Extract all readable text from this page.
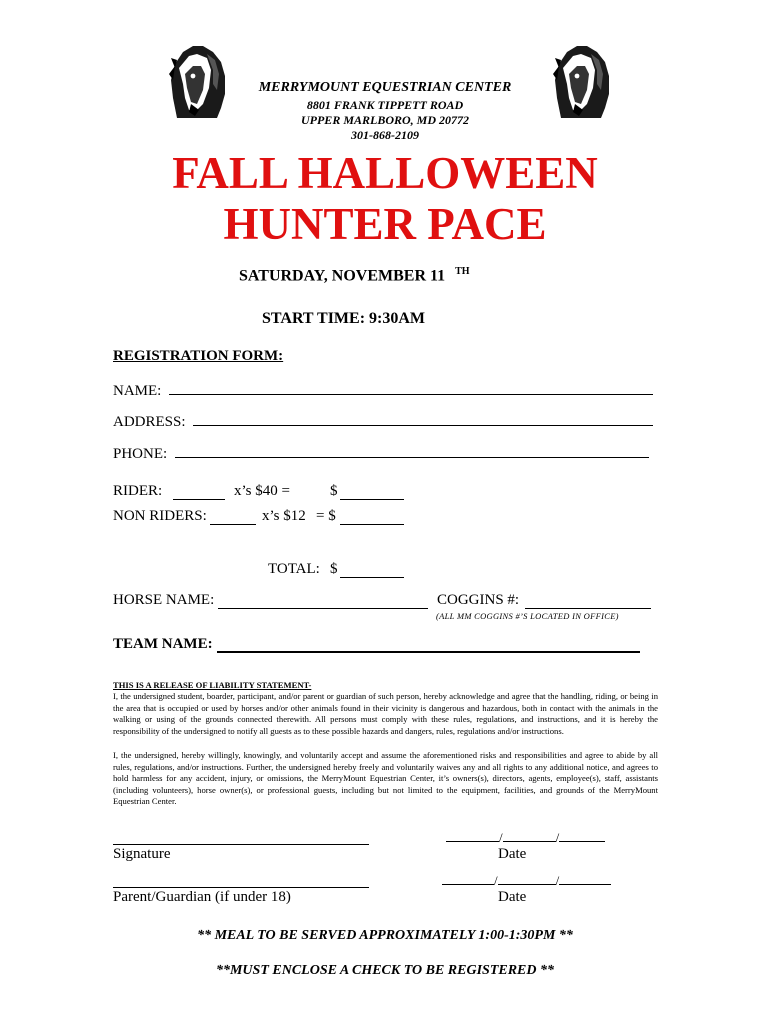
MERRYMOUNT EQUESTRIAN CENTER
8801 FRANK TIPPETT ROAD
UPPER MARLBORO, MD 20772
301-868-2109
FALL HALLOWEEN
HUNTER PACE
SATURDAY, NOVEMBER 11 $^{TH}$
START TIME: 9:30AM
REGISTRATION FORM:
NAME:
ADDRESS:
PHONE:
RIDER:	x’s $40 =	$
NON RIDERS:	x’s $12 = $
TOTAL: $
HORSE NAME:	COGGINS #:
(ALL MM COGGINS #’S LOCATED IN OFFICE)
TEAM NAME:
THIS IS A RELEASE OF LIABILITY STATEMENT-
I, the undersigned student, boarder, participant, and/or parent or guardian of such person, hereby acknowledge and agree that the handling, riding, or being in the area that is occupied or used by horses and/or other animals found in their vicinity is dangerous and hazardous, both in contact with the animals in the walking or using of the grounds connected therewith. All persons must comply with these rules, regulations, and instructions, and it is hereby the responsibility of the undersigned to notify all guests as to these possible hazards and dangers, rules, regulations and/or instructions.
I, the undersigned, hereby willingly, knowingly, and voluntarily accept and assume the aforementioned risks and responsibilities and agree to abide by all rules, regulations, and/or instructions. Further, the undersigned hereby freely and voluntarily waives any and all rights to any additional notice, and agrees to hold harmless for any accident, injury, or omissions, the MerryMount Equestrian Center, it’s owners(s), directors, agents, employee(s), staff, assistants (including volunteers), horse owner(s), or professional guests, including but not limited to the equipment, facilities, and grounds of the MerryMount Equestrian Center.
/	/
Signature	Date
/	/
Parent/Guardian (if under 18)	Date
** MEAL TO BE SERVED APPROXIMATELY 1:00-1:30PM **
**MUST ENCLOSE A CHECK TO BE REGISTERED **
